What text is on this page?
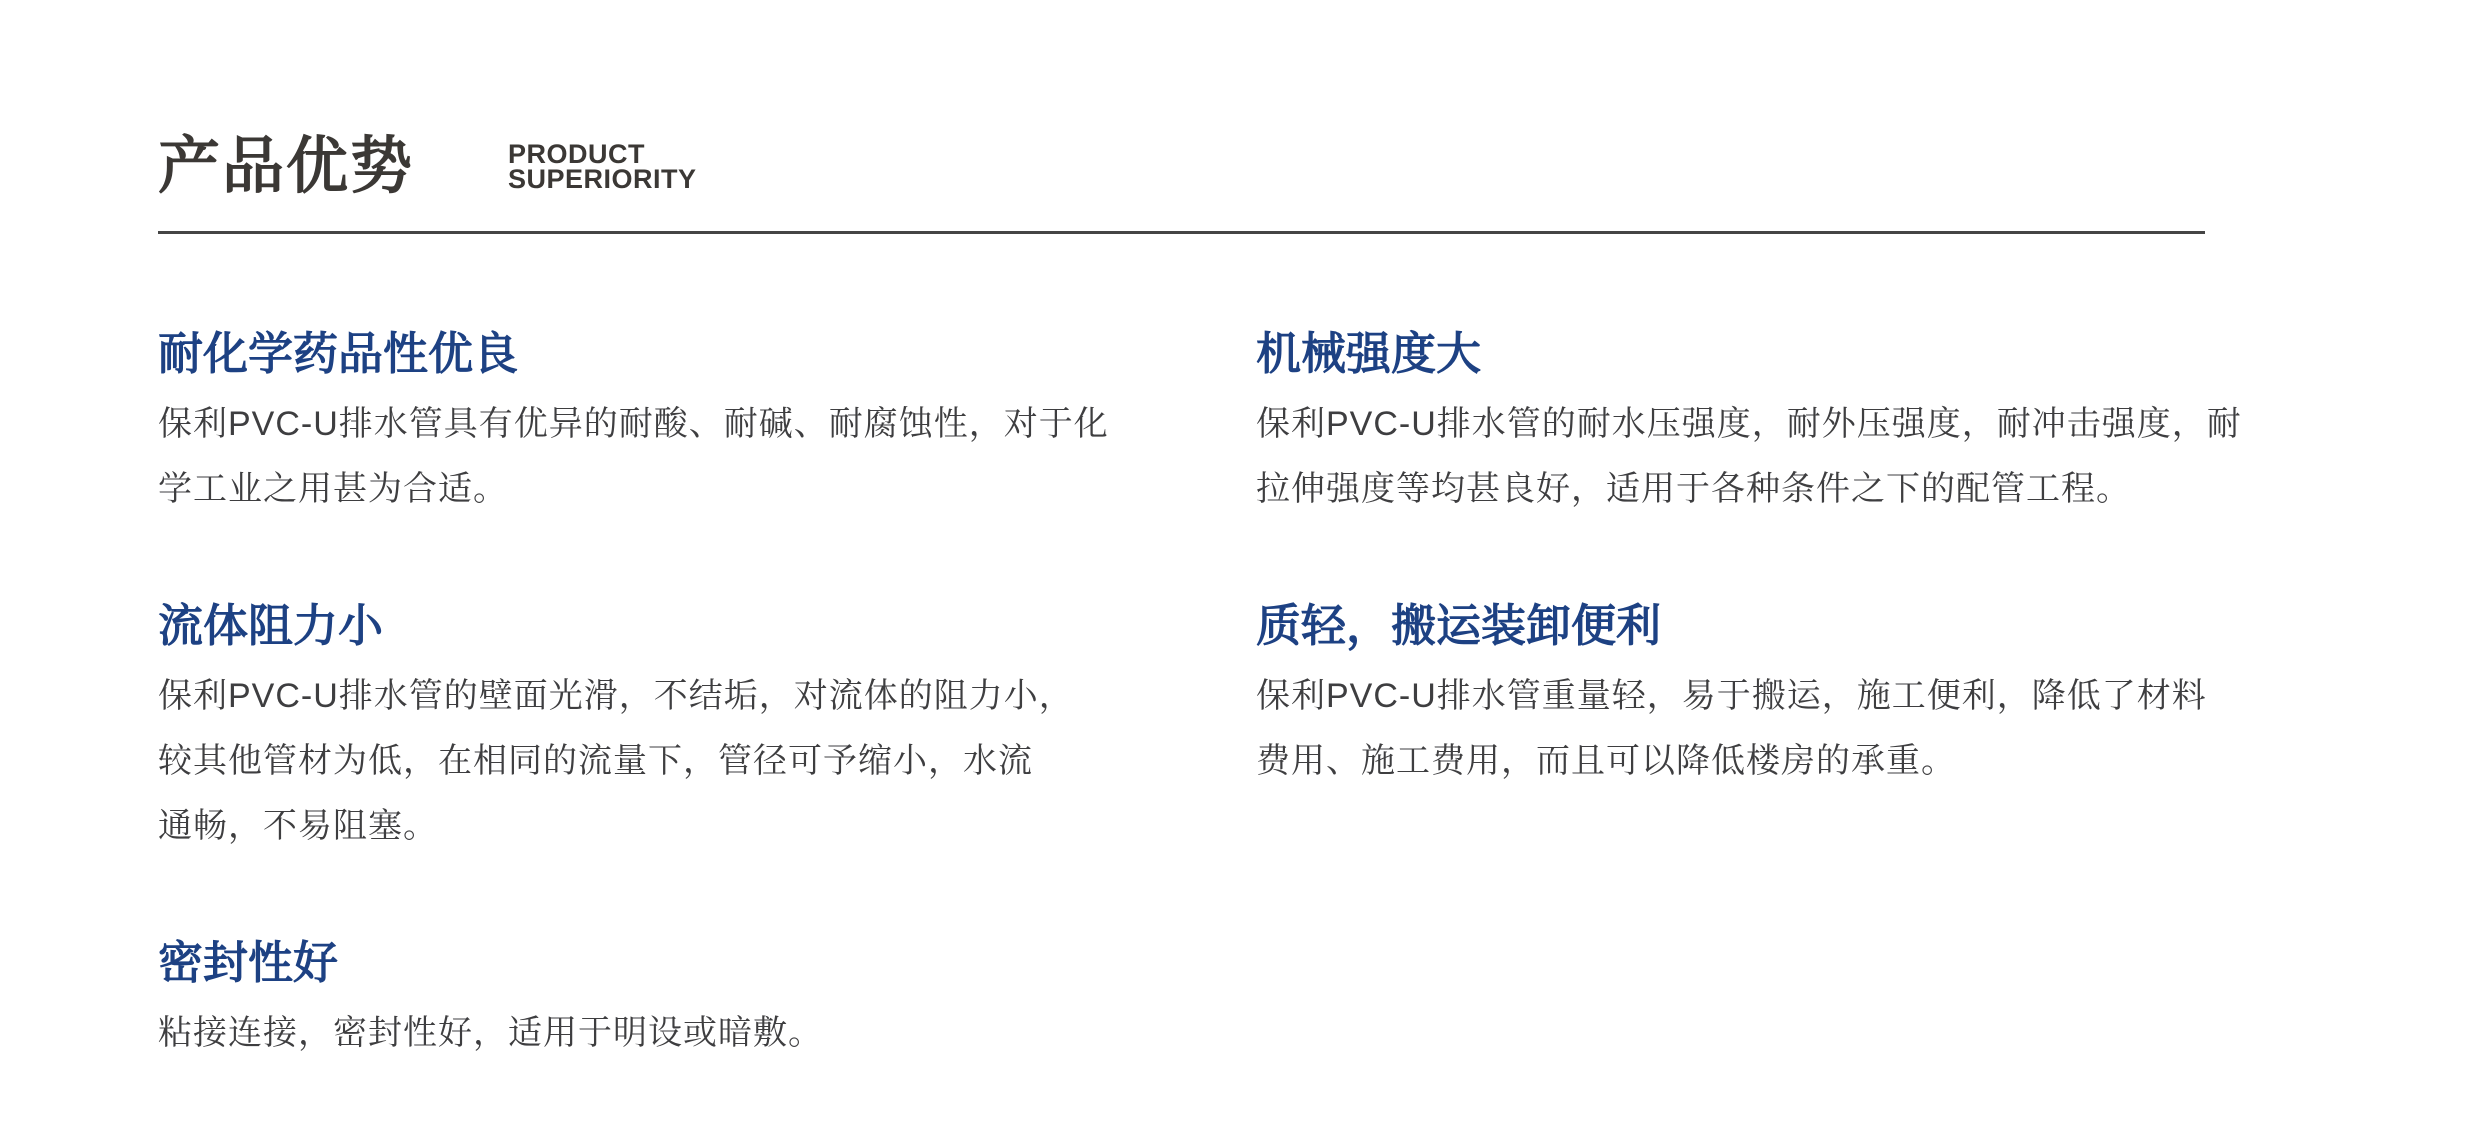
产品优势	PRODUCT
SUPERIORITY
耐化学药品性优良

保利PVC-U排水管具有优异的耐酸、耐碱、耐腐蚀性，对于化

学工业之用甚为合适。

流体阻力小

保利PVC-U排水管的壁面光滑，不结垢，对流体的阻力小，

较其他管材为低，在相同的流量下，管径可予缩小，水流

通畅，不易阻塞。

密封性好

粘接连接，密封性好，适用于明设或暗敷。

机械强度大

保利PVC-U排水管的耐水压强度，耐外压强度，耐冲击强度，耐

拉伸强度等均甚良好，适用于各种条件之下的配管工程。

质轻，搬运装卸便利

保利PVC-U排水管重量轻，易于搬运，施工便利，降低了材料

费用、施工费用，而且可以降低楼房的承重。
